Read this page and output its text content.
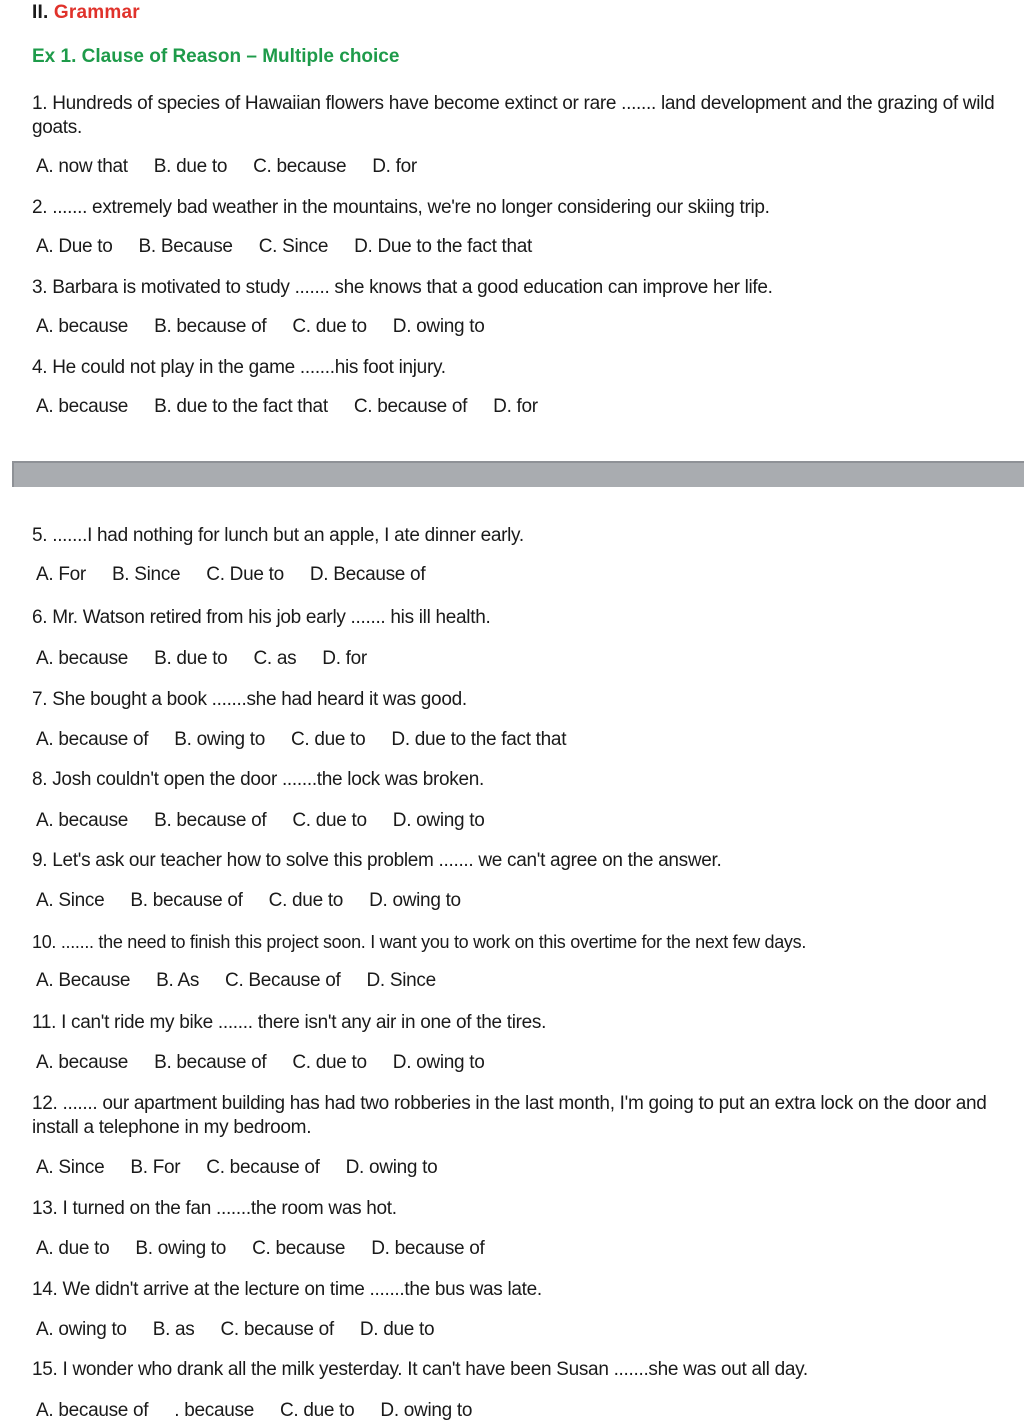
II. Grammar
Ex 1. Clause of Reason – Multiple choice
1. Hundreds of species of Hawaiian flowers have become extinct or rare ....... land development and the grazing of wild goats.
A. now that B. due to C. because D. for
2. ....... extremely bad weather in the mountains, we're no longer considering our skiing trip.
A. Due to B. Because C. Since D. Due to the fact that
3. Barbara is motivated to study ....... she knows that a good education can improve her life.
A. because B. because of C. due to D. owing to
4. He could not play in the game .......his foot injury.
A. because B. due to the fact that C. because of D. for
5. .......I had nothing for lunch but an apple, I ate dinner early.
A. For B. Since C. Due to D. Because of
6. Mr. Watson retired from his job early ....... his ill health.
A. because B. due to C. as D. for
7. She bought a book .......she had heard it was good.
A. because of B. owing to C. due to D. due to the fact that
8. Josh couldn't open the door .......the lock was broken.
A. because B. because of C. due to D. owing to
9. Let's ask our teacher how to solve this problem ....... we can't agree on the answer.
A. Since B. because of C. due to D. owing to
10. ....... the need to finish this project soon. I want you to work on this overtime for the next few days.
A. Because B. As C. Because of D. Since
11. I can't ride my bike ....... there isn't any air in one of the tires.
A. because B. because of C. due to D. owing to
12. ....... our apartment building has had two robberies in the last month, I'm going to put an extra lock on the door and install a telephone in my bedroom.
A. Since B. For C. because of D. owing to
13. I turned on the fan .......the room was hot.
A. due to B. owing to C. because D. because of
14. We didn't arrive at the lecture on time .......the bus was late.
A. owing to B. as C. because of D. due to
15. I wonder who drank all the milk yesterday. It can't have been Susan .......she was out all day.
A. because of . because C. due to D. owing to
